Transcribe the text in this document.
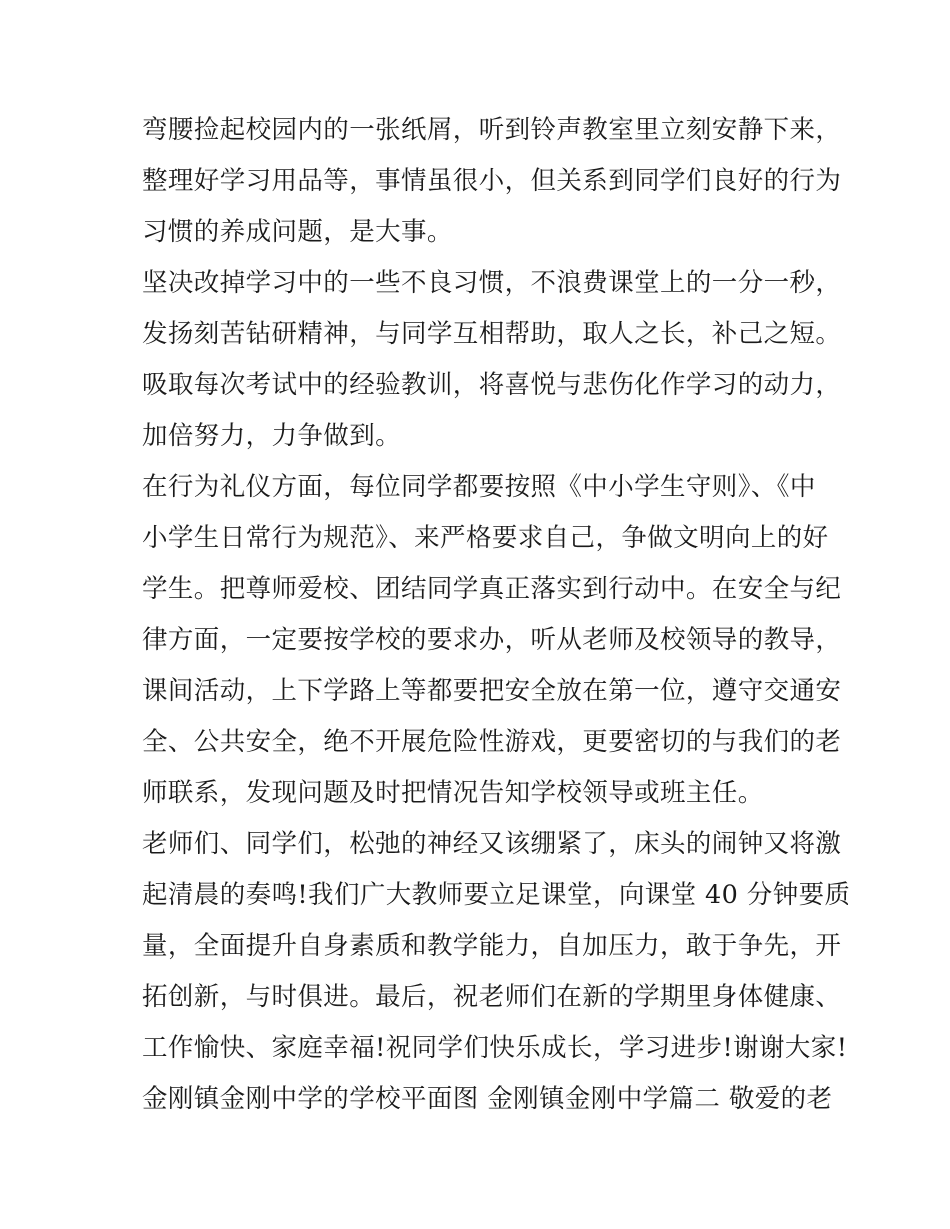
弯腰捡起校园内的一张纸屑，听到铃声教室里立刻安静下来，
整理好学习用品等，事情虽很小，但关系到同学们良好的行为
习惯的养成问题，是大事。
坚决改掉学习中的一些不良习惯，不浪费课堂上的一分一秒，
发扬刻苦钻研精神，与同学互相帮助，取人之长，补己之短。
吸取每次考试中的经验教训，将喜悦与悲伤化作学习的动力，
加倍努力，力争做到。
在行为礼仪方面，每位同学都要按照《中小学生守则》、《中
小学生日常行为规范》、来严格要求自己，争做文明向上的好
学生。把尊师爱校、团结同学真正落实到行动中。在安全与纪
律方面，一定要按学校的要求办，听从老师及校领导的教导，
课间活动，上下学路上等都要把安全放在第一位，遵守交通安
全、公共安全，绝不开展危险性游戏，更要密切的与我们的老
师联系，发现问题及时把情况告知学校领导或班主任。
老师们、同学们，松弛的神经又该绷紧了，床头的闹钟又将激
起清晨的奏鸣!我们广大教师要立足课堂，向课堂 40 分钟要质
量，全面提升自身素质和教学能力，自加压力，敢于争先，开
拓创新，与时俱进。最后，祝老师们在新的学期里身体健康、
工作愉快、家庭幸福!祝同学们快乐成长，学习进步!谢谢大家!
金刚镇金刚中学的学校平面图 金刚镇金刚中学篇二 敬爱的老
